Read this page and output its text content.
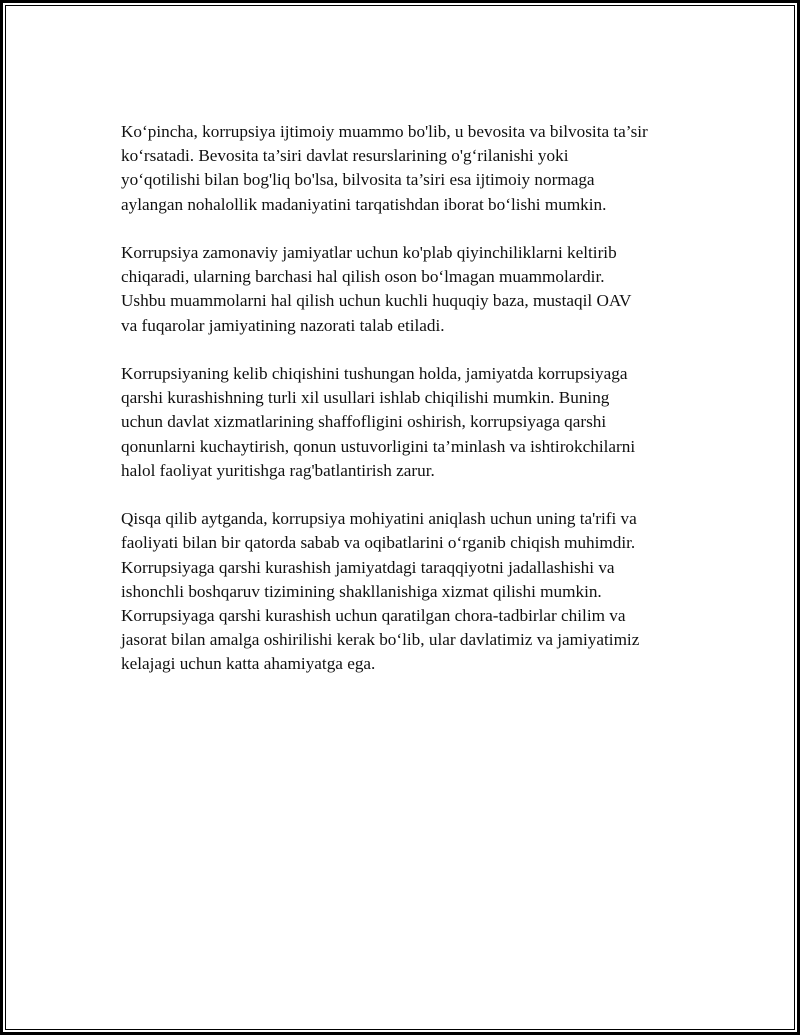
Ko‘pincha, korrupsiya ijtimoiy muammo bo'lib, u bevosita va bilvosita ta’sir
ko‘rsatadi. Bevosita ta’siri davlat resurslarining o'g‘rilanishi yoki
yo‘qotilishi bilan bog'liq bo'lsa, bilvosita ta’siri esa ijtimoiy normaga
aylangan nohalollik madaniyatini tarqatishdan iborat bo‘lishi mumkin.

Korrupsiya zamonaviy jamiyatlar uchun ko'plab qiyinchiliklarni keltirib
chiqaradi, ularning barchasi hal qilish oson bo‘lmagan muammolardir.
Ushbu muammolarni hal qilish uchun kuchli huquqiy baza, mustaqil OAV
va fuqarolar jamiyatining nazorati talab etiladi.

Korrupsiyaning kelib chiqishini tushungan holda, jamiyatda korrupsiyaga
qarshi kurashishning turli xil usullari ishlab chiqilishi mumkin. Buning
uchun davlat xizmatlarining shaffofligini oshirish, korrupsiyaga qarshi
qonunlarni kuchaytirish, qonun ustuvorligini ta’minlash va ishtirokchilarni
halol faoliyat yuritishga rag'batlantirish zarur.

Qisqa qilib aytganda, korrupsiya mohiyatini aniqlash uchun uning ta'rifi va
faoliyati bilan bir qatorda sabab va oqibatlarini o‘rganib chiqish muhimdir.
Korrupsiyaga qarshi kurashish jamiyatdagi taraqqiyotni jadallashishi va
ishonchli boshqaruv tizimining shakllanishiga xizmat qilishi mumkin.
Korrupsiyaga qarshi kurashish uchun qaratilgan chora-tadbirlar chilim va
jasorat bilan amalga oshirilishi kerak bo‘lib, ular davlatimiz va jamiyatimiz
kelajagi uchun katta ahamiyatga ega.
